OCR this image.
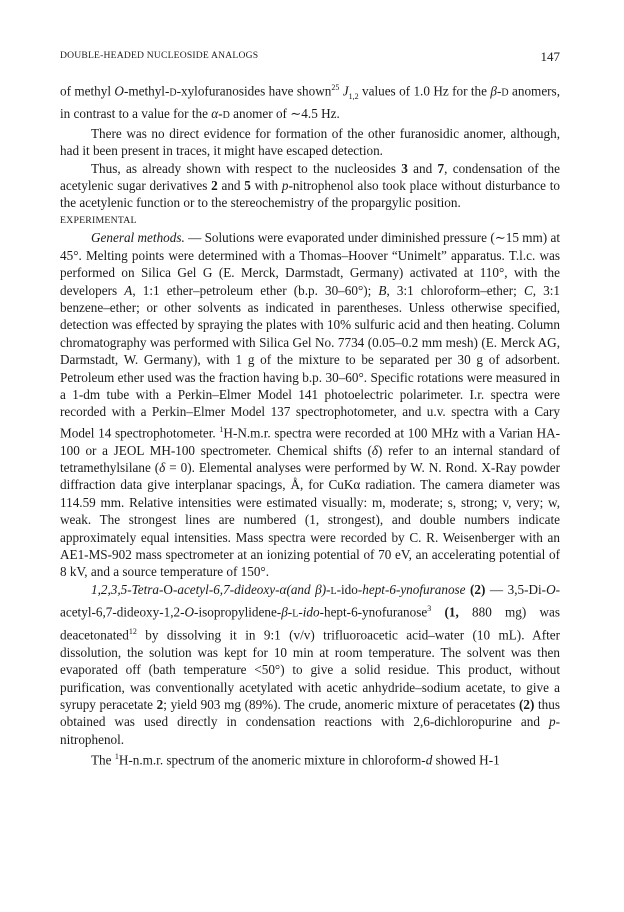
DOUBLE-HEADED NUCLEOSIDE ANALOGS	147

of methyl O-methyl-D-xylofuranosides have shown$^{25}$ $J_{1,2}$ values of 1.0 Hz for the β-D anomers, in contrast to a value for the α-D anomer of ∼4.5 Hz.

There was no direct evidence for formation of the other furanosidic anomer, although, had it been present in traces, it might have escaped detection.

Thus, as already shown with respect to the nucleosides 3 and 7, condensation of the acetylenic sugar derivatives 2 and 5 with p-nitrophenol also took place without disturbance to the acetylenic function or to the stereochemistry of the propargylic position.

EXPERIMENTAL

General methods. — Solutions were evaporated under diminished pressure (∼15 mm) at 45°. Melting points were determined with a Thomas–Hoover “Unimelt” apparatus. T.l.c. was performed on Silica Gel G (E. Merck, Darmstadt, Germany) activated at 110°, with the developers A, 1:1 ether–petroleum ether (b.p. 30–60°); B, 3:1 chloroform–ether; C, 3:1 benzene–ether; or other solvents as indicated in parentheses. Unless otherwise specified, detection was effected by spraying the plates with 10% sulfuric acid and then heating. Column chromatography was performed with Silica Gel No. 7734 (0.05–0.2 mm mesh) (E. Merck AG, Darmstadt, W. Germany), with 1 g of the mixture to be separated per 30 g of adsorbent. Petroleum ether used was the fraction having b.p. 30–60°. Specific rotations were measured in a 1-dm tube with a Perkin–Elmer Model 141 photoelectric polarimeter. I.r. spectra were recorded with a Perkin–Elmer Model 137 spectrophotometer, and u.v. spectra with a Cary Model 14 spectrophotometer. $^1$H-N.m.r. spectra were recorded at 100 MHz with a Varian HA-100 or a JEOL MH-100 spectrometer. Chemical shifts (δ) refer to an internal standard of tetramethylsilane (δ = 0). Elemental analyses were performed by W. N. Rond. X-Ray powder diffraction data give interplanar spacings, Å, for CuKα radiation. The camera diameter was 114.59 mm. Relative intensities were estimated visually: m, moderate; s, strong; v, very; w, weak. The strongest lines are numbered (1, strongest), and double numbers indicate approximately equal intensities. Mass spectra were recorded by C. R. Weisenberger with an AE1-MS-902 mass spectrometer at an ionizing potential of 70 eV, an accelerating potential of 8 kV, and a source temperature of 150°.

1,2,3,5-Tetra-O-acetyl-6,7-dideoxy-α(and β)-L-ido-hept-6-ynofuranose (2) — 3,5-Di-O-acetyl-6,7-dideoxy-1,2-O-isopropylidene-β-L-ido-hept-6-ynofuranose$^3$ (1, 880 mg) was deacetonated$^{12}$ by dissolving it in 9:1 (v/v) trifluoroacetic acid–water (10 mL). After dissolution, the solution was kept for 10 min at room temperature. The solvent was then evaporated off (bath temperature <50°) to give a solid residue. This product, without purification, was conventionally acetylated with acetic anhydride–sodium acetate, to give a syrupy peracetate 2; yield 903 mg (89%). The crude, anomeric mixture of peracetates (2) thus obtained was used directly in condensation reactions with 2,6-dichloropurine and p-nitrophenol.

The $^1$H-n.m.r. spectrum of the anomeric mixture in chloroform-d showed H-1
